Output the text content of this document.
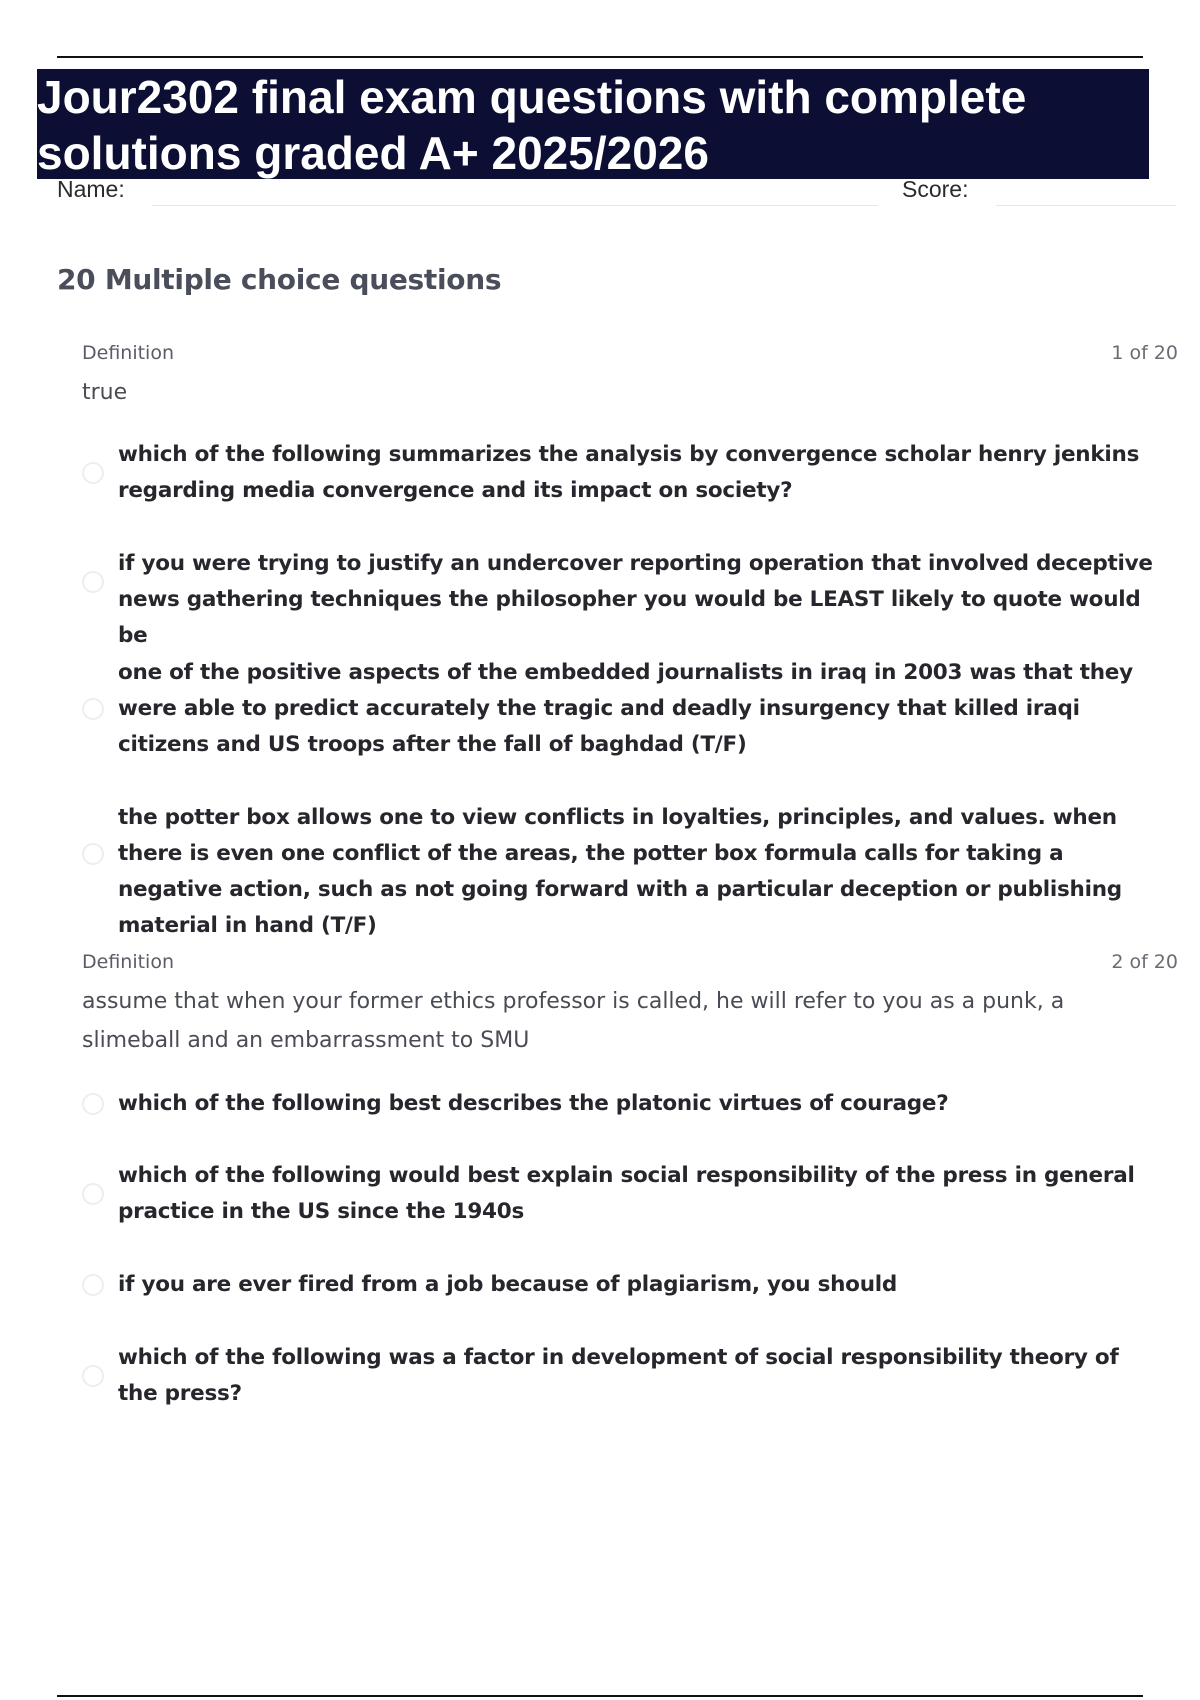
Jour2302 final exam questions with complete
solutions graded A+ 2025/2026
Name:	Score:
20 Multiple choice questions
Definition	1 of 20

true

which of the following summarizes the analysis by convergence scholar henry jenkins regarding media convergence and its impact on society?

if you were trying to justify an undercover reporting operation that involved deceptive news gathering techniques the philosopher you would be LEAST likely to quote would be

one of the positive aspects of the embedded journalists in iraq in 2003 was that they were able to predict accurately the tragic and deadly insurgency that killed iraqi citizens and US troops after the fall of baghdad (T/F)

the potter box allows one to view conflicts in loyalties, principles, and values. when there is even one conflict of the areas, the potter box formula calls for taking a negative action, such as not going forward with a particular deception or publishing material in hand (T/F)

Definition	2 of 20

assume that when your former ethics professor is called, he will refer to you as a punk, a slimeball and an embarrassment to SMU

which of the following best describes the platonic virtues of courage?

which of the following would best explain social responsibility of the press in general practice in the US since the 1940s

if you are ever fired from a job because of plagiarism, you should

which of the following was a factor in development of social responsibility theory of the press?
